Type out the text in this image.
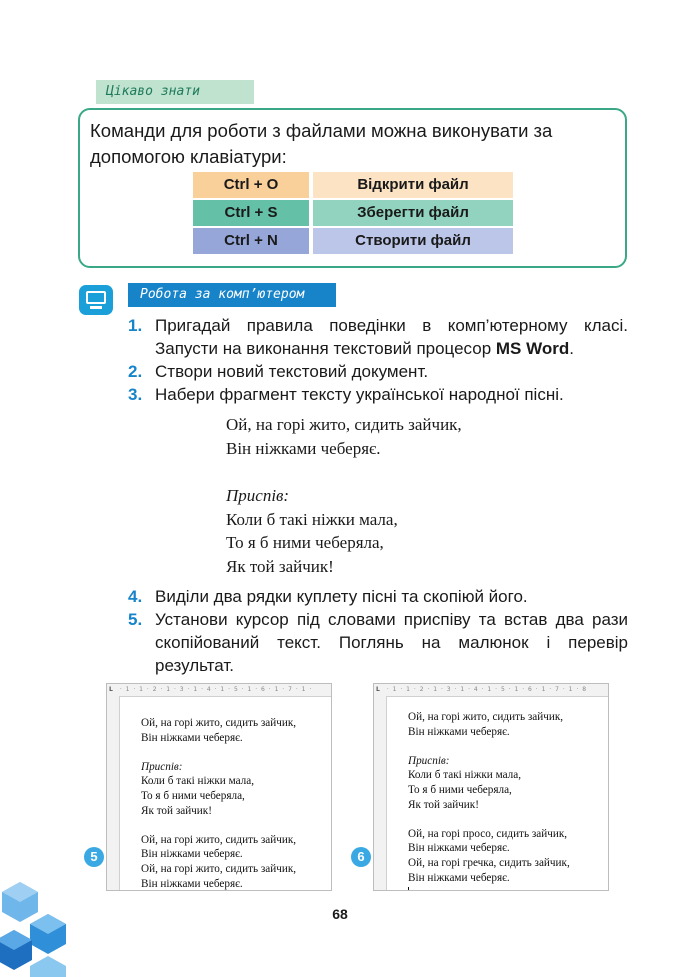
Цікаво знати
Команди для роботи з файлами можна виконувати за допомогою клавіатури:
Ctrl + O	Відкрити файл
Ctrl + S	Зберегти файл
Ctrl + N	Створити файл
Робота за комп’ютером
1. Пригадай правила поведінки в комп’ютерному класі. Запусти на виконання текстовий процесор MS Word.
2. Створи новий текстовий документ.
3. Набери фрагмент тексту української народної пісні.
Ой, на горі жито, сидить зайчик,
Він ніжками чеберяє.
Приспів:
Коли б такі ніжки мала,
То я б ними чеберяла,
Як той зайчик!
4. Виділи два рядки куплету пісні та скопіюй його.
5. Установи курсор під словами приспіву та встав два рази скопійований текст. Поглянь на малюнок і перевір результат.
5
L · 1 · 1 · 2 · 1 · 3 · 1 · 4 · 1 · 5 · 1 · 6 · 1 · 7 · 1 ·
Ой, на горі жито, сидить зайчик,
Він ніжками чеберяє.
Приспів:
Коли б такі ніжки мала,
То я б ними чеберяла,
Як той зайчик!
Ой, на горі жито, сидить зайчик,
Він ніжками чеберяє.
Ой, на горі жито, сидить зайчик,
Він ніжками чеберяє.
6
L · 1 · 1 · 2 · 1 · 3 · 1 · 4 · 1 · 5 · 1 · 6 · 1 · 7 · 1 · 8
Ой, на горі жито, сидить зайчик,
Він ніжками чеберяє.
Приспів:
Коли б такі ніжки мала,
То я б ними чеберяла,
Як той зайчик!
Ой, на горі просо, сидить зайчик,
Він ніжками чеберяє.
Ой, на горі гречка, сидить зайчик,
Він ніжками чеберяє.
68
